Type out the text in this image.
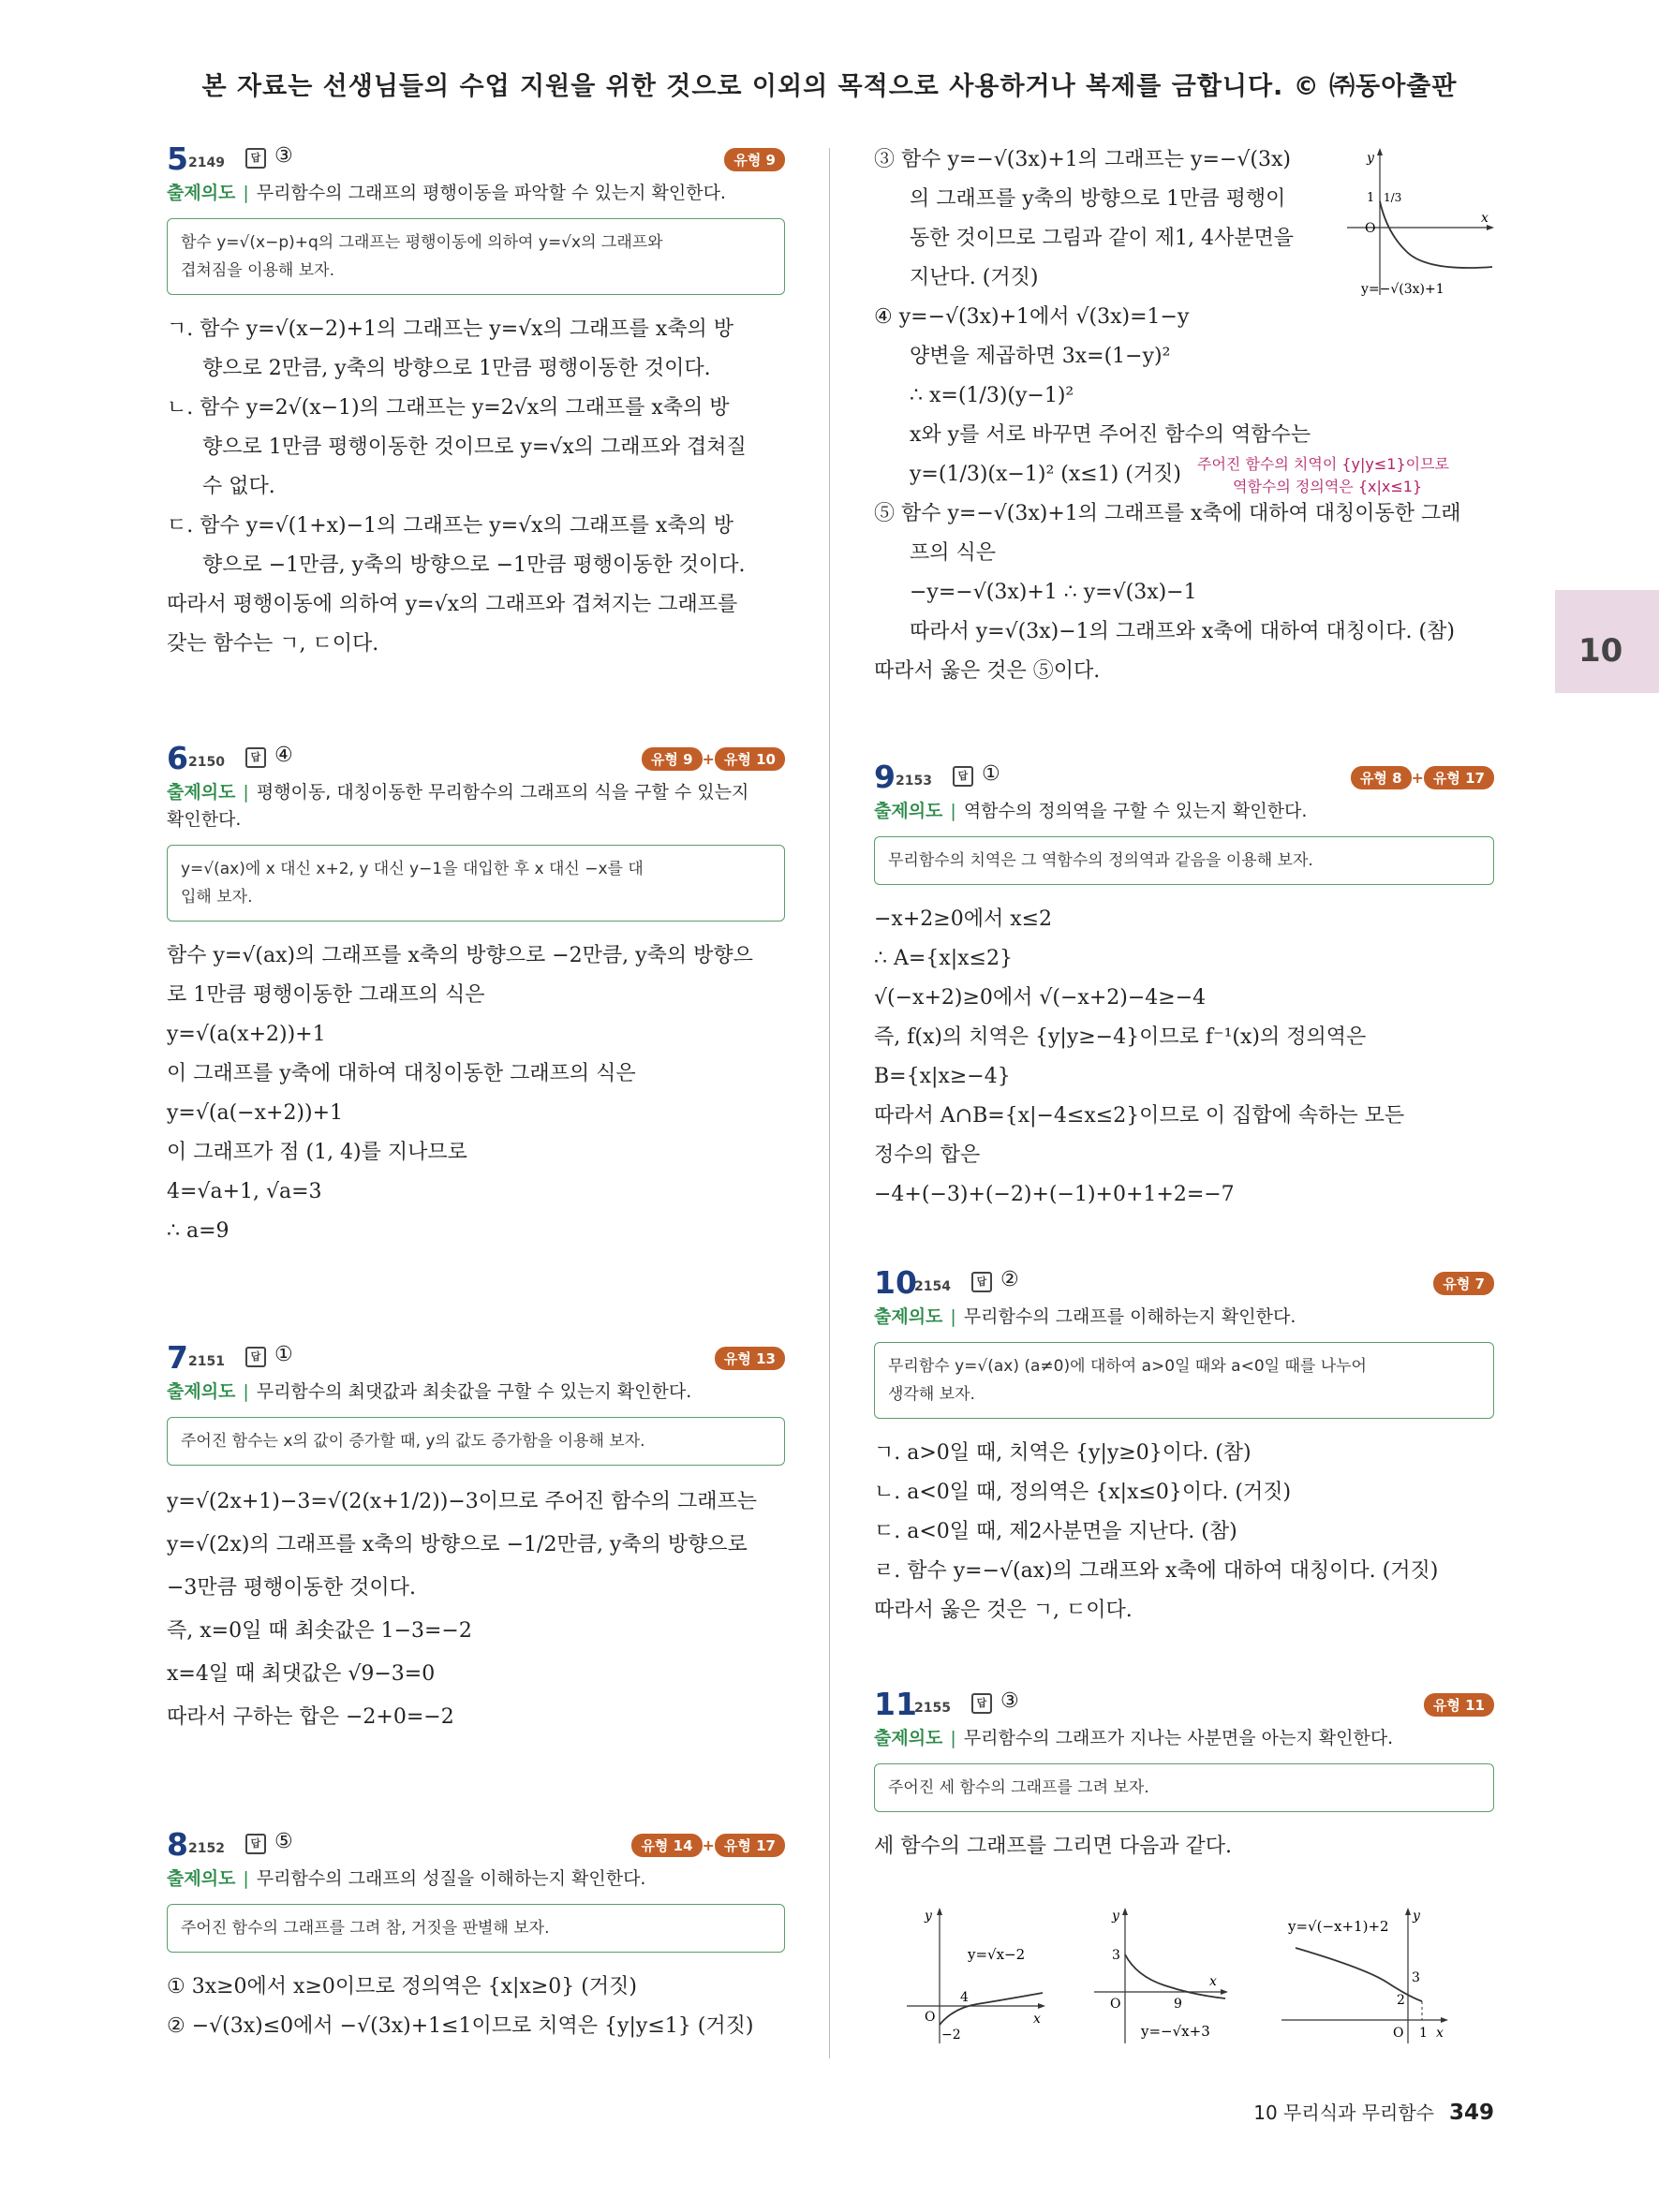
본 자료는 선생님들의 수업 지원을 위한 것으로 이외의 목적으로 사용하거나 복제를 금합니다. © ㈜동아출판
5 2149	답 ③	유형 9
출제의도 | 무리함수의 그래프의 평행이동을 파악할 수 있는지 확인한다.
함수 y=√(x−p)+q의 그래프는 평행이동에 의하여 y=√x의 그래프와
겹쳐짐을 이용해 보자.

ㄱ. 함수 y=√(x−2)+1의 그래프는 y=√x의 그래프를 x축의 방

향으로 2만큼, y축의 방향으로 1만큼 평행이동한 것이다.

ㄴ. 함수 y=2√(x−1)의 그래프는 y=2√x의 그래프를 x축의 방

향으로 1만큼 평행이동한 것이므로 y=√x의 그래프와 겹쳐질

수 없다.

ㄷ. 함수 y=√(1+x)−1의 그래프는 y=√x의 그래프를 x축의 방

향으로 −1만큼, y축의 방향으로 −1만큼 평행이동한 것이다.

따라서 평행이동에 의하여 y=√x의 그래프와 겹쳐지는 그래프를

갖는 함수는 ㄱ, ㄷ이다.

6 2150	답 ④	유형 9 + 유형 10
출제의도 | 평행이동, 대칭이동한 무리함수의 그래프의 식을 구할 수 있는지
확인한다.
y=√(ax)에 x 대신 x+2, y 대신 y−1을 대입한 후 x 대신 −x를 대
입해 보자.

함수 y=√(ax)의 그래프를 x축의 방향으로 −2만큼, y축의 방향으

로 1만큼 평행이동한 그래프의 식은

y=√(a(x+2))+1

이 그래프를 y축에 대하여 대칭이동한 그래프의 식은

y=√(a(−x+2))+1

이 그래프가 점 (1, 4)를 지나므로

4=√a+1, √a=3

∴ a=9

7 2151	답 ①	유형 13
출제의도 | 무리함수의 최댓값과 최솟값을 구할 수 있는지 확인한다.
주어진 함수는 x의 값이 증가할 때, y의 값도 증가함을 이용해 보자.

y=√(2x+1)−3=√(2(x+1/2))−3이므로 주어진 함수의 그래프는

y=√(2x)의 그래프를 x축의 방향으로 −1/2만큼, y축의 방향으로

−3만큼 평행이동한 것이다.

즉, x=0일 때 최솟값은 1−3=−2

x=4일 때 최댓값은 √9−3=0

따라서 구하는 합은 −2+0=−2

8 2152	답 ⑤	유형 14 + 유형 17
출제의도 | 무리함수의 그래프의 성질을 이해하는지 확인한다.
주어진 함수의 그래프를 그려 참, 거짓을 판별해 보자.

① 3x≥0에서 x≥0이므로 정의역은 {x|x≥0} (거짓)

② −√(3x)≤0에서 −√(3x)+1≤1이므로 치역은 {y|y≤1} (거짓)

③ 함수 y=−√(3x)+1의 그래프는 y=−√(3x)

의 그래프를 y축의 방향으로 1만큼 평행이

동한 것이므로 그림과 같이 제1, 4사분면을

지난다. (거짓)

④ y=−√(3x)+1에서 √(3x)=1−y

양변을 제곱하면 3x=(1−y)²

∴ x=(1/3)(y−1)²

x와 y를 서로 바꾸면 주어진 함수의 역함수는

y=(1/3)(x−1)² (x≤1) (거짓) 주어진 함수의 치역이 {y|y≤1}이므로
역함수의 정의역은 {x|x≤1}

⑤ 함수 y=−√(3x)+1의 그래프를 x축에 대하여 대칭이동한 그래

프의 식은

−y=−√(3x)+1 ∴ y=√(3x)−1

따라서 y=√(3x)−1의 그래프와 x축에 대하여 대칭이다. (참)

따라서 옳은 것은 ⑤이다.

y
x
O
1 1/3
y=−√(3x)+1
9 2153	답 ①	유형 8 + 유형 17
출제의도 | 역함수의 정의역을 구할 수 있는지 확인한다.
무리함수의 치역은 그 역함수의 정의역과 같음을 이용해 보자.

−x+2≥0에서 x≤2

∴ A={x|x≤2}

√(−x+2)≥0에서 √(−x+2)−4≥−4

즉, f(x)의 치역은 {y|y≥−4}이므로 f⁻¹(x)의 정의역은

B={x|x≥−4}

따라서 A∩B={x|−4≤x≤2}이므로 이 집합에 속하는 모든

정수의 합은

−4+(−3)+(−2)+(−1)+0+1+2=−7

10
2154	답 ②	유형 7
출제의도 | 무리함수의 그래프를 이해하는지 확인한다.
무리함수 y=√(ax) (a≠0)에 대하여 a>0일 때와 a<0일 때를 나누어
생각해 보자.

ㄱ. a>0일 때, 치역은 {y|y≥0}이다. (참)

ㄴ. a<0일 때, 정의역은 {x|x≤0}이다. (거짓)

ㄷ. a<0일 때, 제2사분면을 지난다. (참)

ㄹ. 함수 y=−√(ax)의 그래프와 x축에 대하여 대칭이다. (거짓)

따라서 옳은 것은 ㄱ, ㄷ이다.

11
2155	답 ③	유형 11
출제의도 | 무리함수의 그래프가 지나는 사분면을 아는지 확인한다.
주어진 세 함수의 그래프를 그려 보자.

세 함수의 그래프를 그리면 다음과 같다.

y
x
O
y=√x−2
4
−2
y
x
O
3
9
y=−√x+3
y
x
O
y=√(−x+1)+2
3
2
1
10
10 무리식과 무리함수 349
